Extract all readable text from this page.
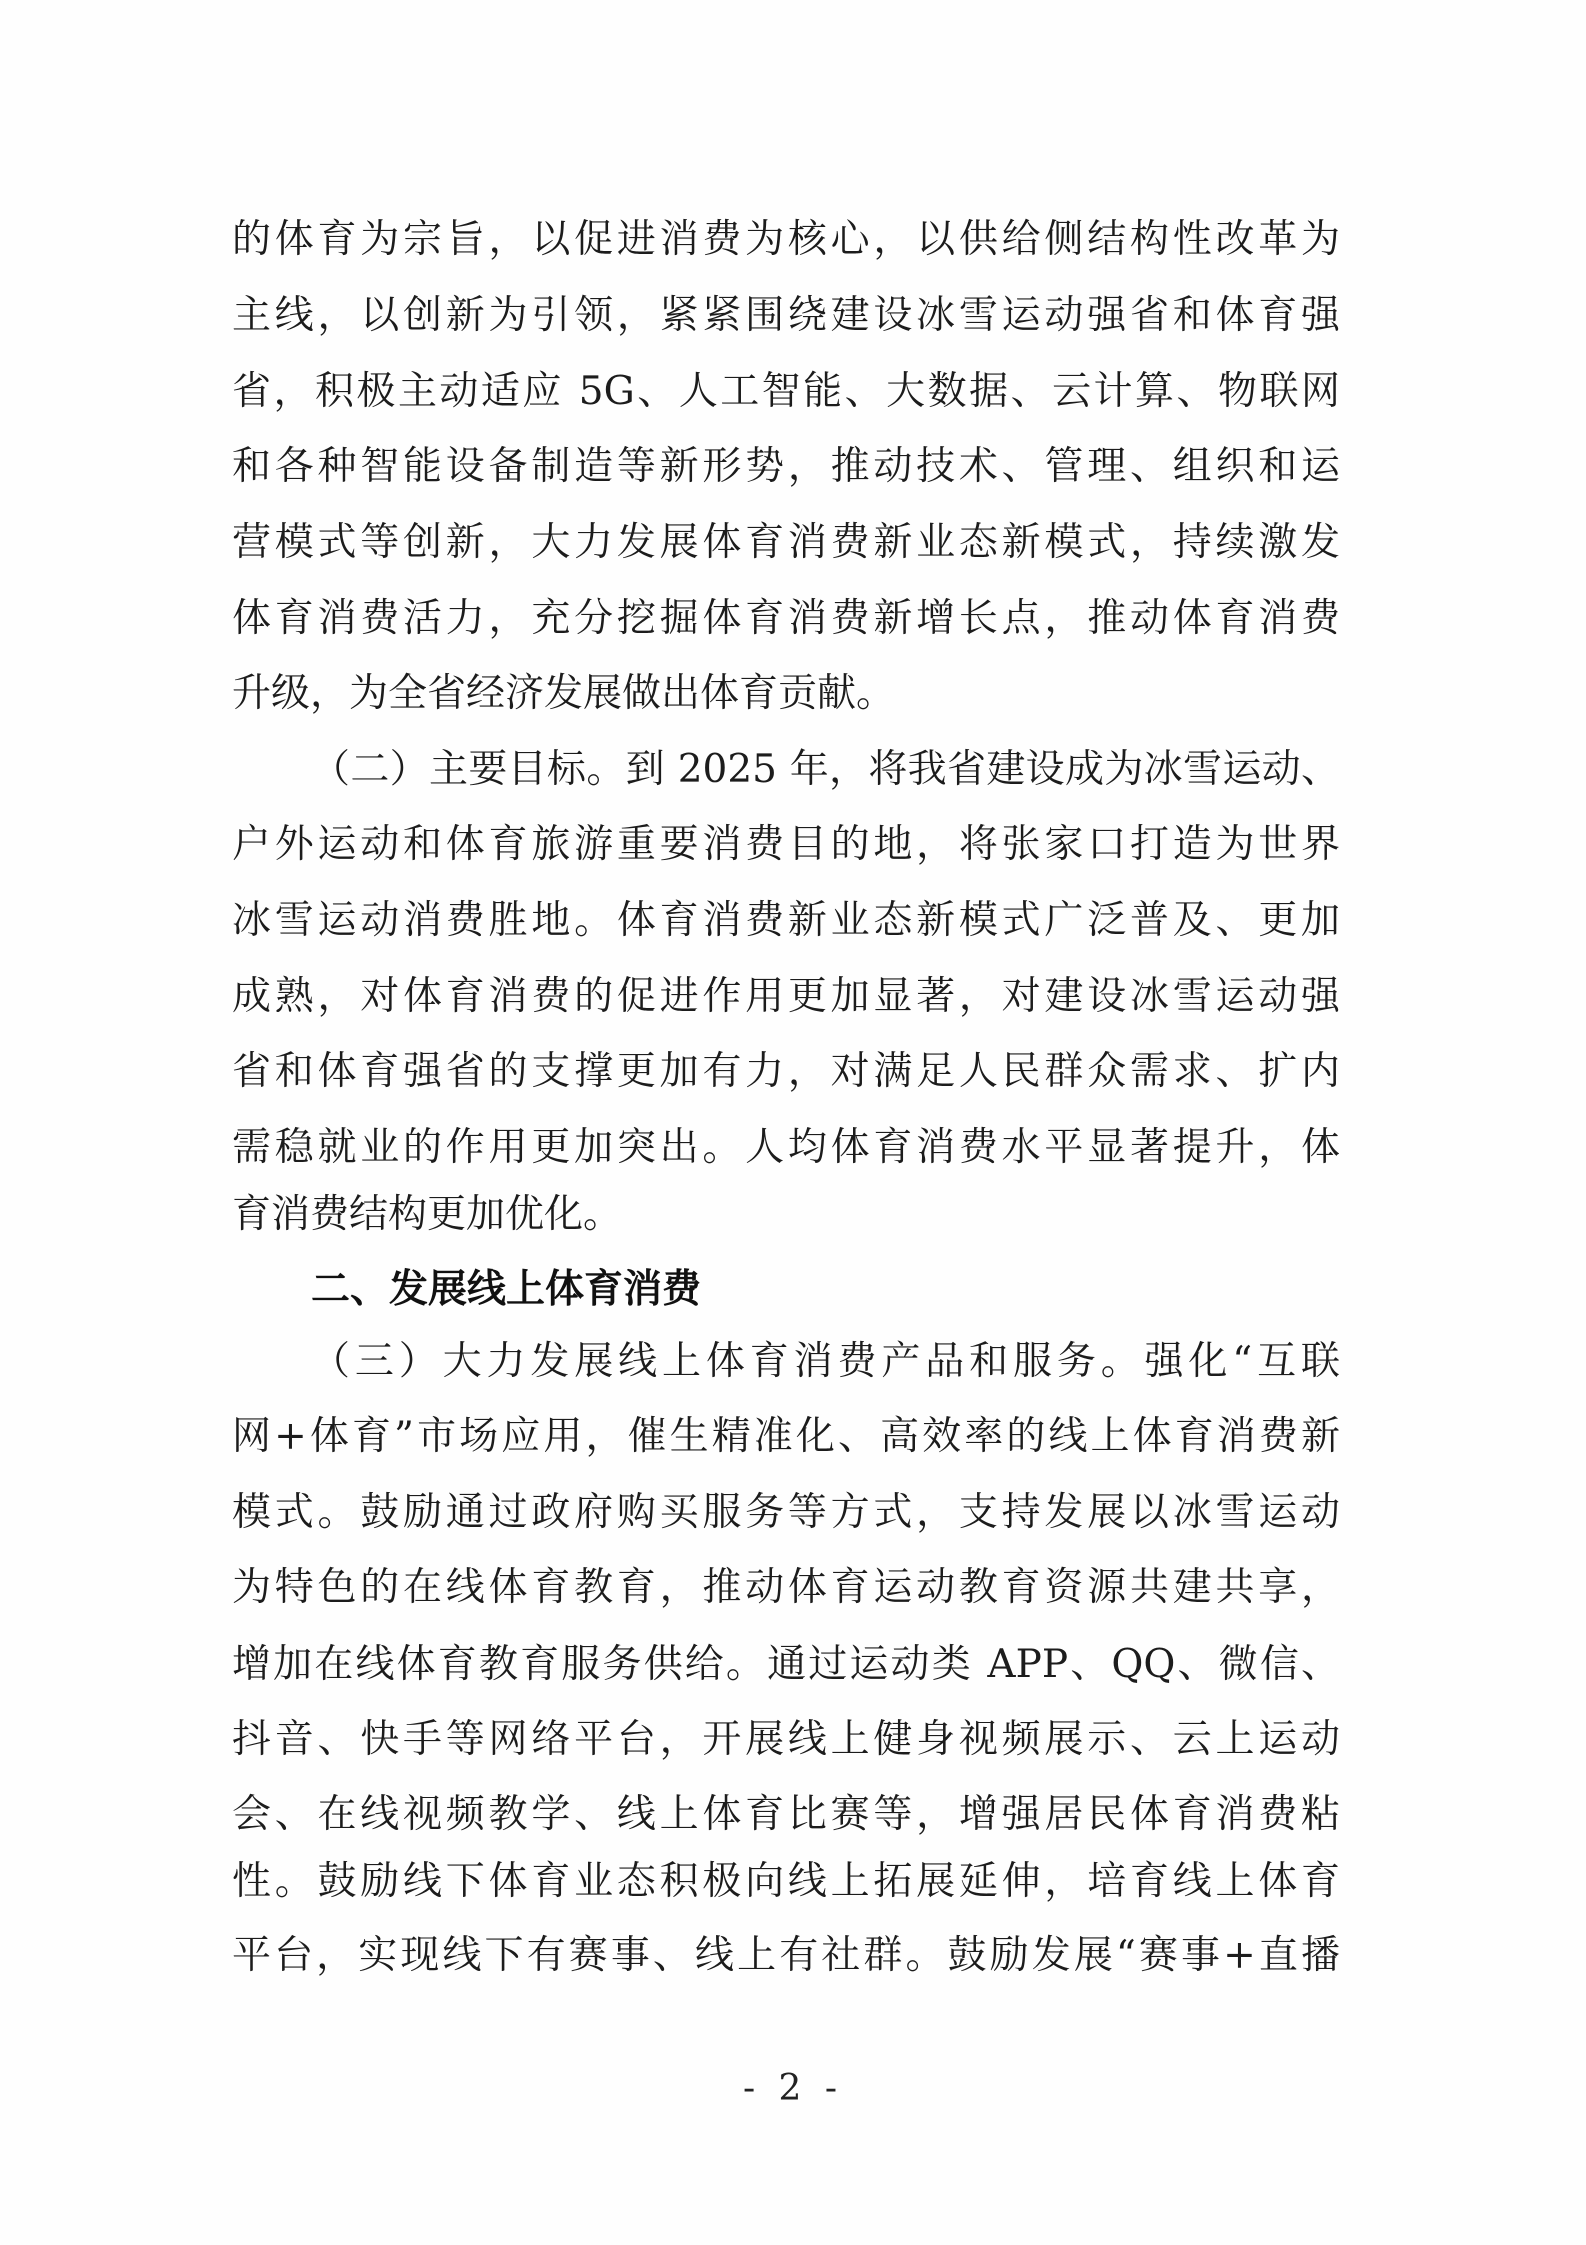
的体育为宗旨，以促进消费为核心，以供给侧结构性改革为
主线，以创新为引领，紧紧围绕建设冰雪运动强省和体育强
省，积极主动适应 5G、人工智能、大数据、云计算、物联网
和各种智能设备制造等新形势，推动技术、管理、组织和运
营模式等创新，大力发展体育消费新业态新模式，持续激发
体育消费活力，充分挖掘体育消费新增长点，推动体育消费
升级，为全省经济发展做出体育贡献。
（二）主要目标。到 2025 年，将我省建设成为冰雪运动、
户外运动和体育旅游重要消费目的地，将张家口打造为世界
冰雪运动消费胜地。体育消费新业态新模式广泛普及、更加
成熟，对体育消费的促进作用更加显著，对建设冰雪运动强
省和体育强省的支撑更加有力，对满足人民群众需求、扩内
需稳就业的作用更加突出。人均体育消费水平显著提升，体
育消费结构更加优化。
二、发展线上体育消费
（三）大力发展线上体育消费产品和服务。强化“互联
网+体育”市场应用，催生精准化、高效率的线上体育消费新
模式。鼓励通过政府购买服务等方式，支持发展以冰雪运动
为特色的在线体育教育，推动体育运动教育资源共建共享，
增加在线体育教育服务供给。通过运动类 APP、QQ、微信、
抖音、快手等网络平台，开展线上健身视频展示、云上运动
会、在线视频教学、线上体育比赛等，增强居民体育消费粘
性。鼓励线下体育业态积极向线上拓展延伸，培育线上体育
平台，实现线下有赛事、线上有社群。鼓励发展“赛事+直播
- 2 -
